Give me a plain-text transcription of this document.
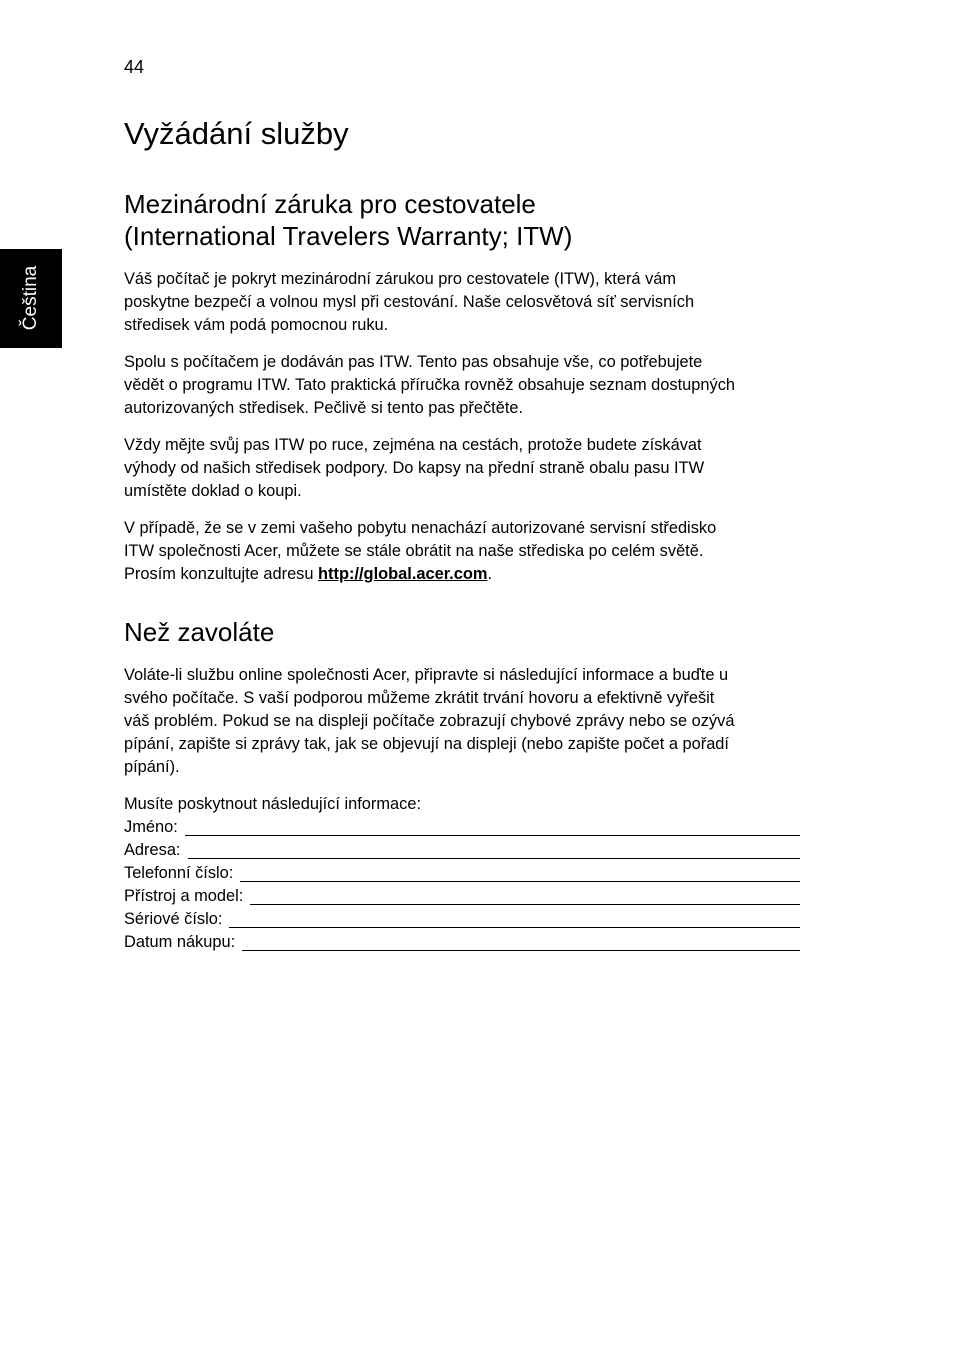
44
Čeština
Vyžádání služby
Mezinárodní záruka pro cestovatele
(International Travelers Warranty; ITW)

Váš počítač je pokryt mezinárodní zárukou pro cestovatele (ITW), která vám
poskytne bezpečí a volnou mysl při cestování. Naše celosvětová síť servisních
středisek vám podá pomocnou ruku.

Spolu s počítačem je dodáván pas ITW. Tento pas obsahuje vše, co potřebujete
vědět o programu ITW. Tato praktická příručka rovněž obsahuje seznam dostupných
autorizovaných středisek. Pečlivě si tento pas přečtěte.

Vždy mějte svůj pas ITW po ruce, zejména na cestách, protože budete získávat
výhody od našich středisek podpory. Do kapsy na přední straně obalu pasu ITW
umístěte doklad o koupi.

V případě, že se v zemi vašeho pobytu nenachází autorizované servisní středisko
ITW společnosti Acer, můžete se stále obrátit na naše střediska po celém světě.
Prosím konzultujte adresu http://global.acer.com.

Než zavoláte

Voláte-li službu online společnosti Acer, připravte si následující informace a buďte u
svého počítače. S vaší podporou můžeme zkrátit trvání hovoru a efektivně vyřešit
váš problém. Pokud se na displeji počítače zobrazují chybové zprávy nebo se ozývá
pípání, zapište si zprávy tak, jak se objevují na displeji (nebo zapište počet a pořadí
pípání).

Musíte poskytnout následující informace:
Jméno:
Adresa:
Telefonní číslo:
Přístroj a model:
Sériové číslo:
Datum nákupu:
